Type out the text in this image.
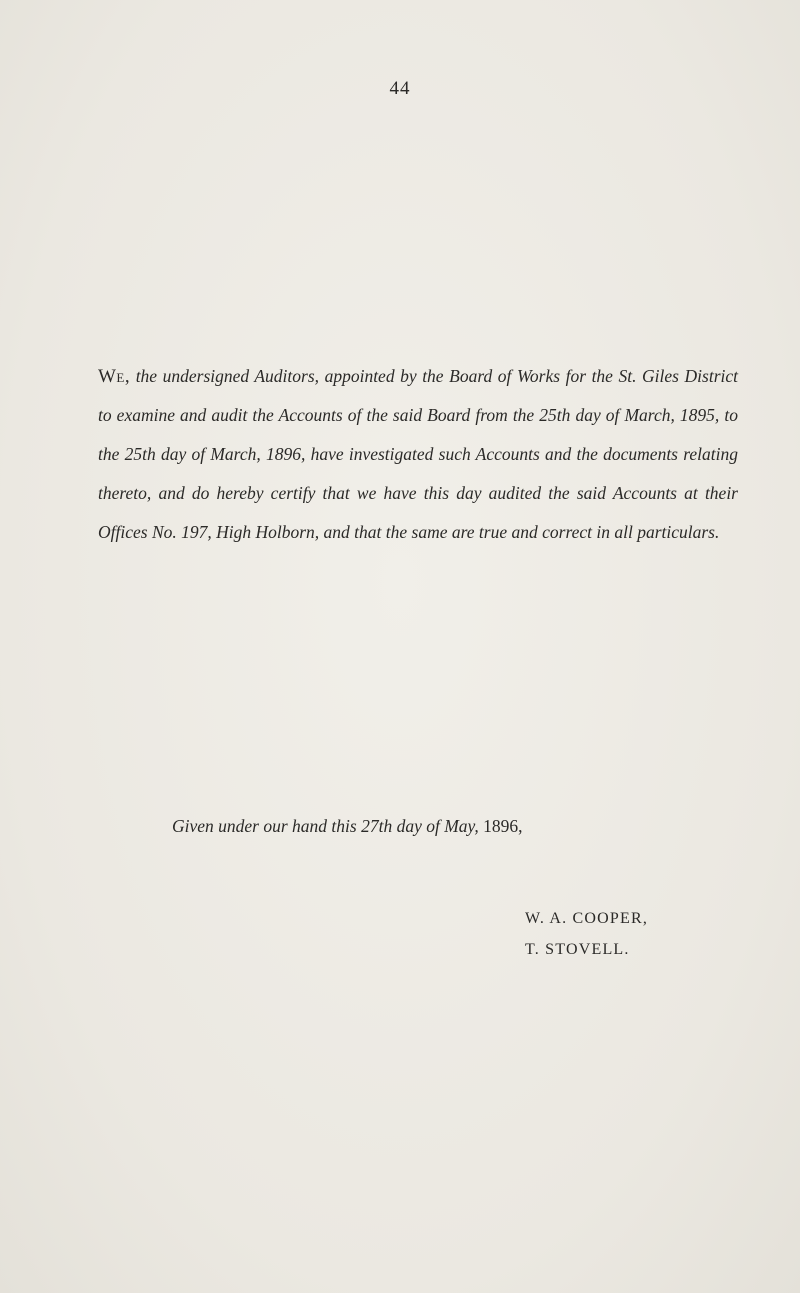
44
We, the undersigned Auditors, appointed by the Board of Works for the St. Giles District to examine and audit the Accounts of the said Board from the 25th day of March, 1895, to the 25th day of March, 1896, have investigated such Accounts and the documents relating thereto, and do hereby certify that we have this day audited the said Accounts at their Offices No. 197, High Holborn, and that the same are true and correct in all particulars.
Given under our hand this 27th day of May, 1896,
W. A. COOPER,
T. STOVELL.
